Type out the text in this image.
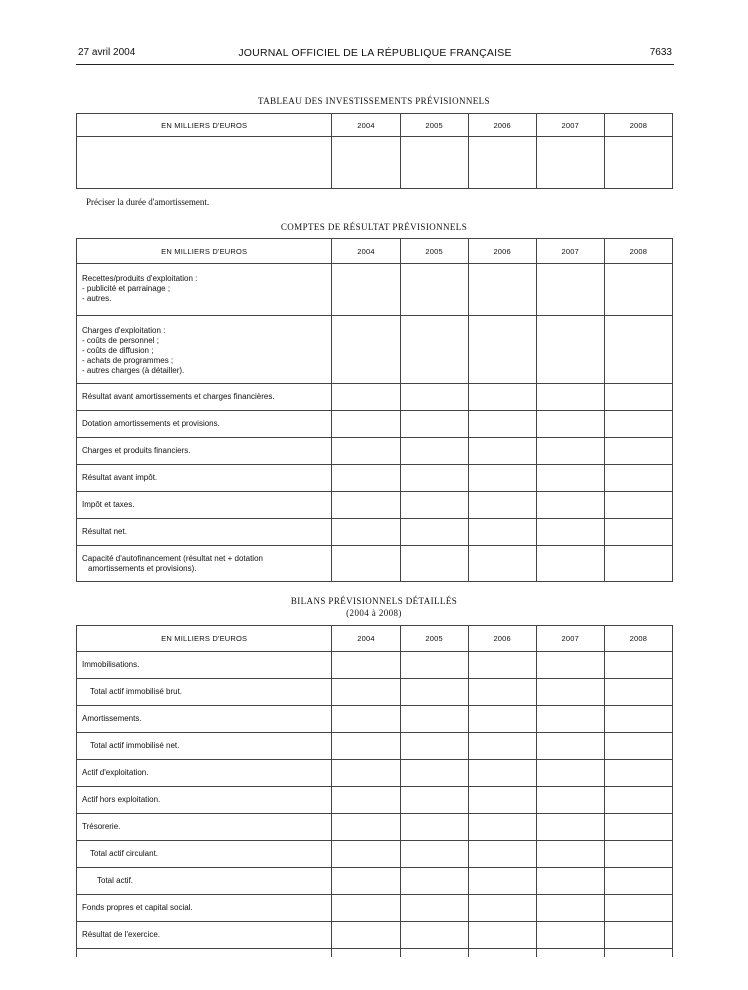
27 avril 2004	JOURNAL OFFICIEL DE LA RÉPUBLIQUE FRANÇAISE	7633
TABLEAU DES INVESTISSEMENTS PRÉVISIONNELS
EN MILLIERS D'EUROS	2004	2005	2006	2007	2008

Préciser la durée d'amortissement.
COMPTES DE RÉSULTAT PRÉVISIONNELS
EN MILLIERS D'EUROS	2004	2005	2006	2007	2008

Recettes/produits d'exploitation :
- publicité et parrainage ;
- autres.					

Charges d'exploitation :
- coûts de personnel ;
- coûts de diffusion ;
- achats de programmes ;
- autres charges (à détailler).					

Résultat avant amortissements et charges financières.					

Dotation amortissements et provisions.					

Charges et produits financiers.					

Résultat avant impôt.					

Impôt et taxes.					

Résultat net.					

Capacité d'autofinancement (résultat net + dotation
amortissements et provisions).					

BILANS PRÉVISIONNELS DÉTAILLÉS
(2004 à 2008)
EN MILLIERS D'EUROS	2004	2005	2006	2007	2008
Immobilisations.					
Total actif immobilisé brut.					
Amortissements.					
Total actif immobilisé net.					
Actif d'exploitation.					
Actif hors exploitation.					
Trésorerie.					
Total actif circulant.					
Total actif.					
Fonds propres et capital social.					
Résultat de l'exercice.					
